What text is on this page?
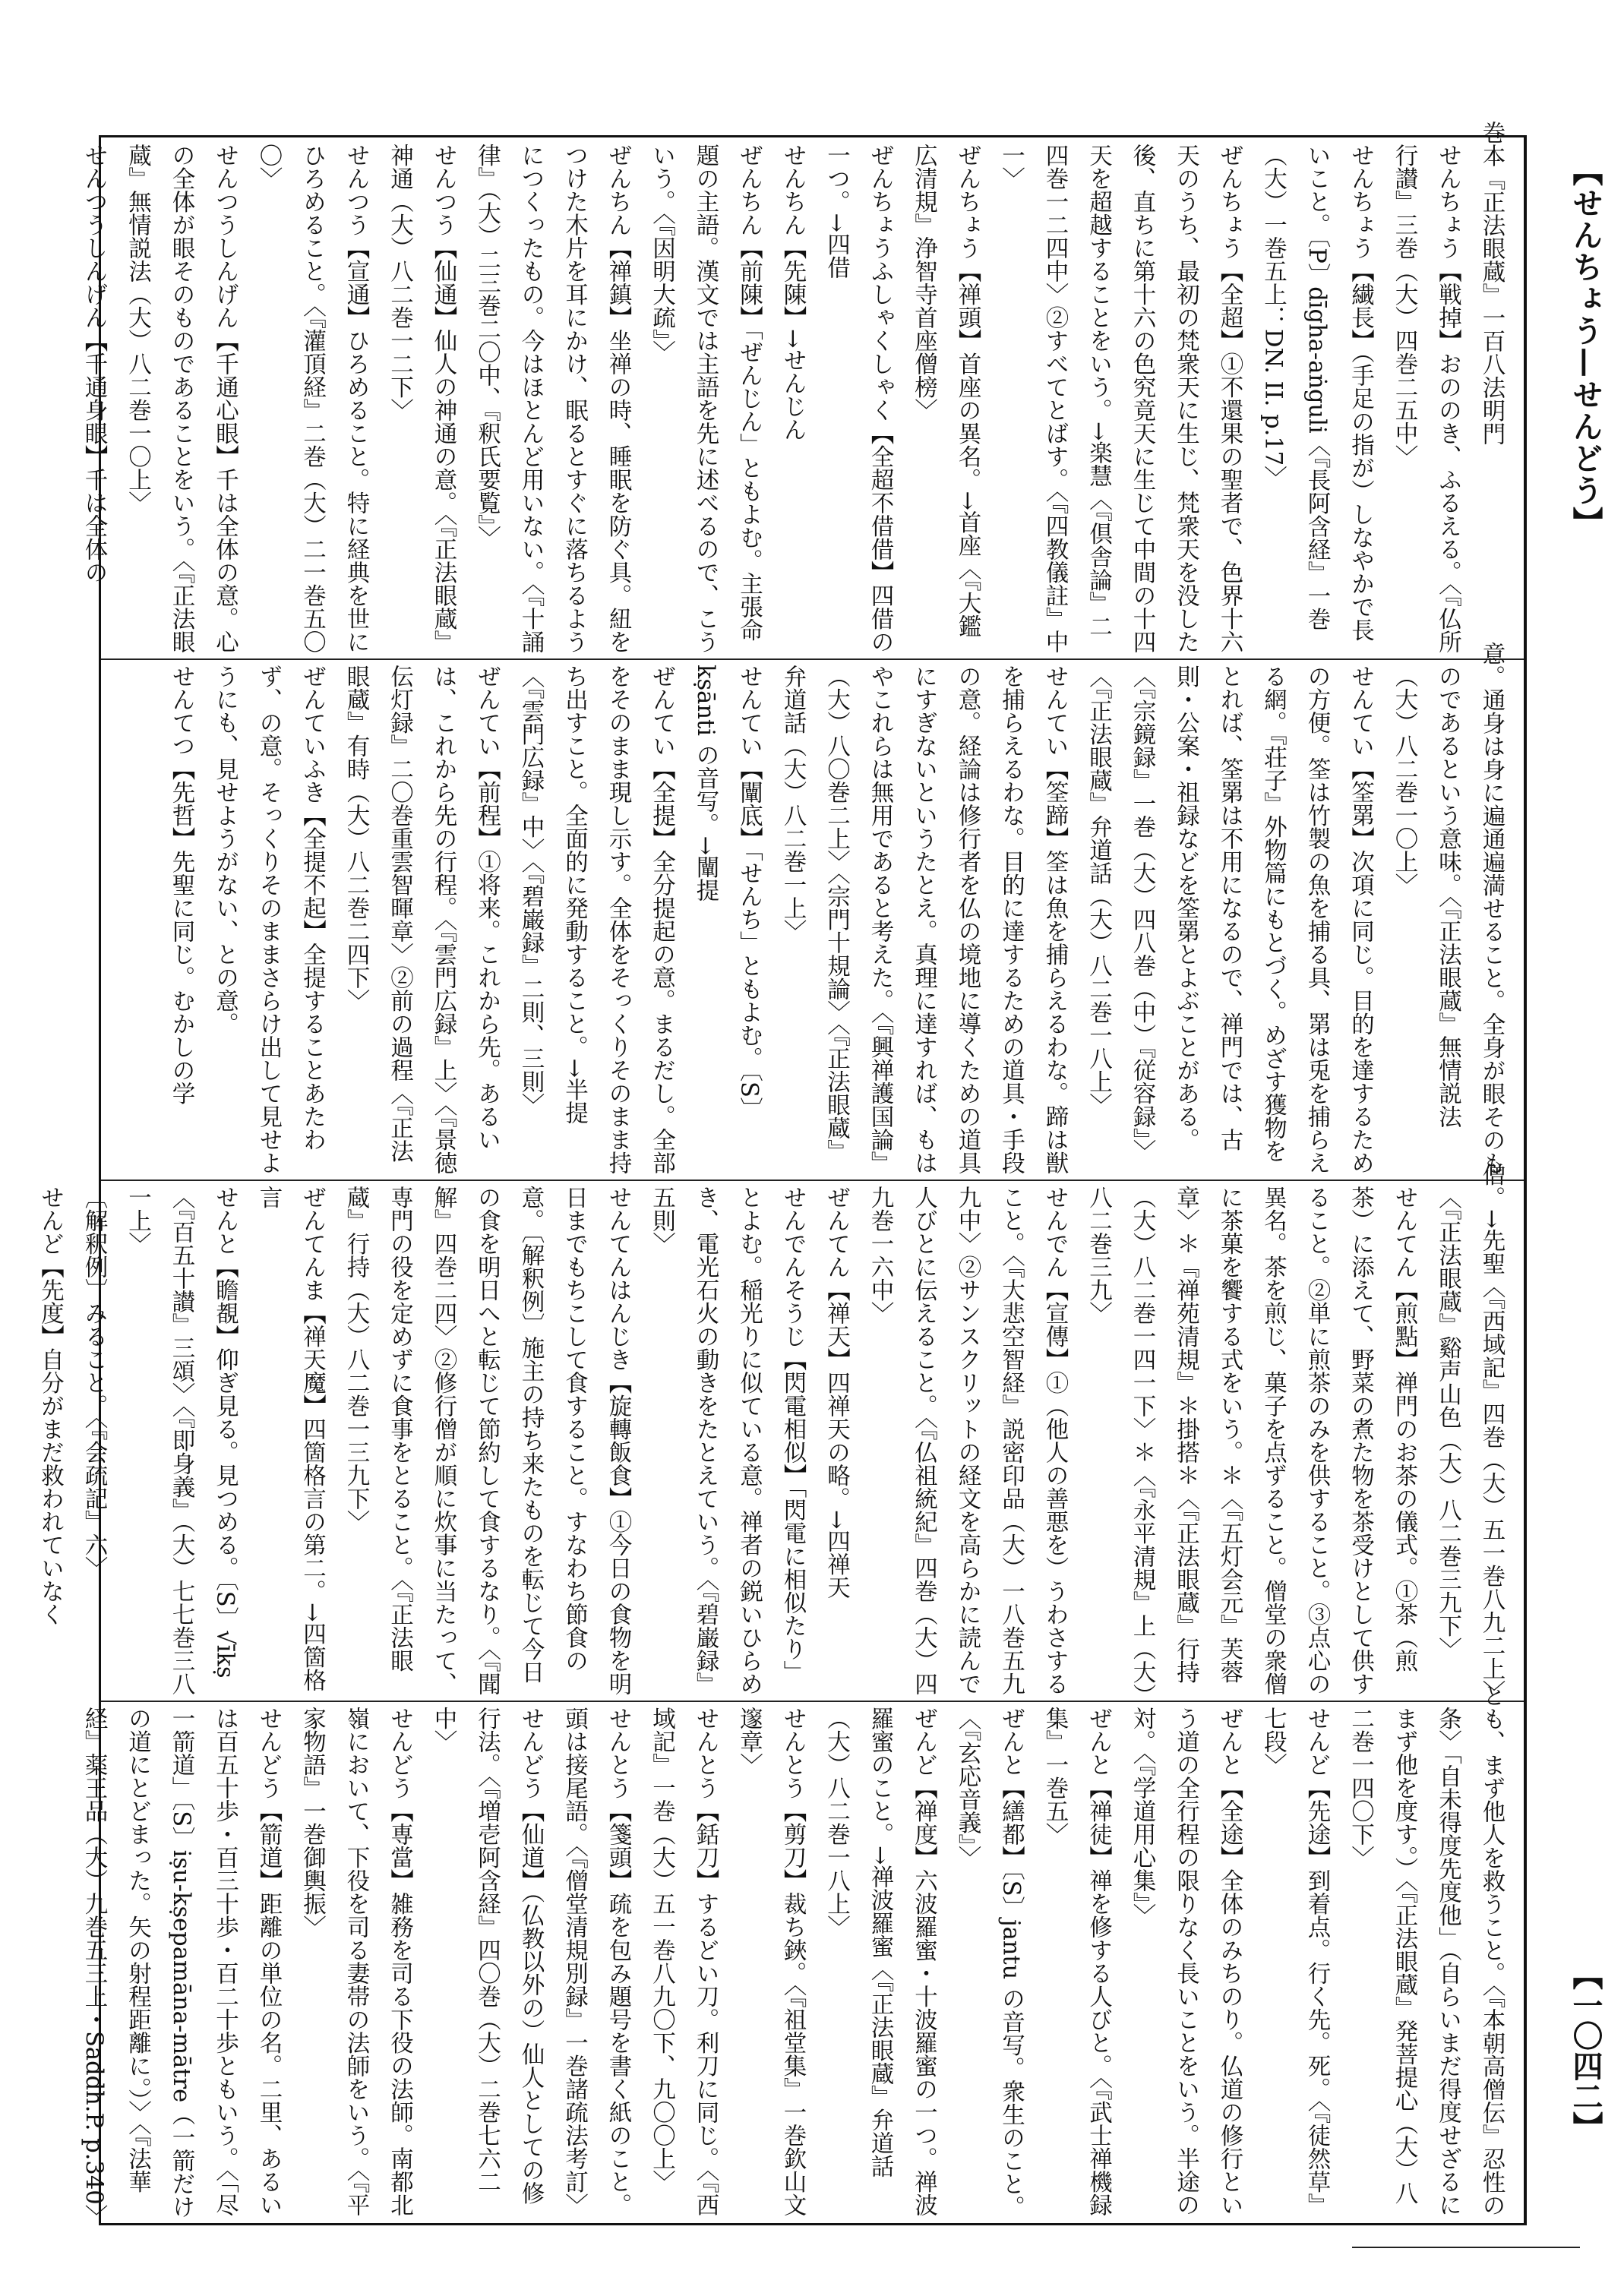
【せんちょう—せんどう】
【一〇四二】

巻本『正法眼蔵』一百八法明門

せんちょう【戦掉】おののき、ふるえる。〈『仏所行讃』三巻（大）四巻二五中〉

せんちょう【繊長】（手足の指が）しなやかで長いこと。〔P〕dīgha-aṅguli〈『長阿含経』一巻（大）一巻五上：DN. II. p.17〉

ぜんちょう【全超】①不還果の聖者で、色界十六天のうち、最初の梵衆天に生じ、梵衆天を没した後、直ちに第十六の色究竟天に生じて中間の十四天を超越することをいう。→楽慧〈『倶舎論』二四巻一二四中〉②すべてとばす。〈『四教儀註』中一〉

ぜんちょう【禅頭】首座の異名。→首座〈『大鑑広清規』浄智寺首座僧榜〉

ぜんちょうふしゃくしゃく【全超不借借】四借の一つ。→四借

せんちん【先陳】→せんじん

ぜんちん【前陳】「ぜんじん」ともよむ。主張命題の主語。漢文では主語を先に述べるので、こういう。〈『因明大疏』〉

ぜんちん【禅鎮】坐禅の時、睡眠を防ぐ具。紐をつけた木片を耳にかけ、眠るとすぐに落ちるようにつくったもの。今はほとんど用いない。〈『十誦律』（大）二三巻二〇中、『釈氏要覧』〉

せんつう【仙通】仙人の神通の意。〈『正法眼蔵』神通（大）八二巻一二下〉

せんつう【宣通】ひろめること。特に経典を世にひろめること。〈『灌頂経』二巻（大）二一巻五〇〇〉

せんつうしんげん【千通心眼】千は全体の意。心の全体が眼そのものであることをいう。〈『正法眼蔵』無情説法（大）八二巻一〇上〉

せんつうしんげん【千通身眼】千は全体の

意。通身は身に遍通遍満せること。全身が眼そのものであるという意味。〈『正法眼蔵』無情説法（大）八二巻一〇上〉

せんてい【筌罤】次項に同じ。目的を達するための方便。筌は竹製の魚を捕る具、罤は兎を捕らえる網。『荘子』外物篇にもとづく。めざす獲物をとれば、筌罤は不用になるので、禅門では、古則・公案・祖録などを筌罤とよぶことがある。〈『宗鏡録』一巻（大）四八巻（中）『従容録』〉〈『正法眼蔵』弁道話（大）八二巻一八上〉

せんてい【筌蹄】筌は魚を捕らえるわな。蹄は獣を捕らえるわな。目的に達するための道具・手段の意。経論は修行者を仏の境地に導くための道具にすぎないというたとえ。真理に達すれば、もはやこれらは無用であると考えた。〈『興禅護国論』（大）八〇巻二上〉〈宗門十規論〉〈『正法眼蔵』弁道話（大）八二巻一上〉

せんてい【闡底】「せんち」ともよむ。〔S〕kṣānti の音写。→闡提

ぜんてい【全提】全分提起の意。まるだし。全部をそのまま現し示す。全体をそっくりそのまま持ち出すこと。全面的に発動すること。→半提〈『雲門広録』中〉〈『碧巌録』二則、三則〉

ぜんてい【前程】①将来。これから先。あるいは、これから先の行程。〈『雲門広録』上〉〈『景徳伝灯録』二〇巻重雲智暉章〉②前の過程〈『正法眼蔵』有時（大）八二巻二四下〉

ぜんていふき【全提不起】全提することあたわず、の意。そっくりそのままさらけ出して見せようにも、見せようがない、との意。

せんてつ【先哲】先聖に同じ。むかしの学

僧。→先聖〈『西域記』四巻（大）五一巻八九二上〉〈『正法眼蔵』谿声山色（大）八二巻三九下〉

せんてん【煎點】禅門のお茶の儀式。①茶（煎茶）に添えて、野菜の煮た物を茶受けとして供すること。②単に煎茶のみを供すること。③点心の異名。茶を煎じ、菓子を点ずること。僧堂の衆僧に茶菓を饗する式をいう。＊〈『五灯会元』芙蓉章〉＊『禅苑清規』＊掛搭＊〈『正法眼蔵』行持（大）八二巻一四一下〉＊〈『永平清規』上（大）八二巻三九〉

せんでん【宣傳】①（他人の善悪を）うわさすること。〈『大悲空智経』説密印品（大）一八巻五九九中〉②サンスクリットの経文を高らかに読んで人びとに伝えること。〈『仏祖統紀』四巻（大）四九巻一六中〉

ぜんてん【禅天】四禅天の略。→四禅天

せんでんそうじ【閃電相似】「閃電に相似たり」とよむ。稲光りに似ている意。禅者の鋭いひらめき、電光石火の動きをたとえていう。〈『碧巌録』五則〉

せんてんはんじき【旋轉飯食】①今日の食物を明日までもちこして食すること。すなわち節食の意。〔解釈例〕施主の持ち来たものを転じて今日の食を明日へと転じて節約して食するなり。〈『聞解』四巻二四〉②修行僧が順に炊事に当たって、専門の役を定めずに食事をとること。〈『正法眼蔵』行持（大）八二巻一三九下〉

ぜんてんま【禅天魔】四箇格言の第二。→四箇格言

せんと【瞻覩】仰ぎ見る。見つめる。〔S〕√īkṣ 〈『百五十讃』三頌〉〈『即身義』（大）七七巻三八一上〉

〔解釈例〕みること。〈『会疏記』六〉

せんど【先度】自分がまだ救われていなく

とも、まず他人を救うこと。〈『本朝高僧伝』忍性の条〉「自未得度先度他」（自らいまだ得度せざるにまず他を度す。）〈『正法眼蔵』発菩提心（大）八二巻一四〇下〉

せんど【先途】到着点。行く先。死。〈『徒然草』七段〉

ぜんと【全途】全体のみちのり。仏道の修行という道の全行程の限りなく長いことをいう。半途の対。〈『学道用心集』〉

ぜんと【禅徒】禅を修する人びと。〈『武士禅機録集』一巻五〉

ぜんと【繕都】〔S〕jantu の音写。衆生のこと。〈『玄応音義』〉

ぜんど【禅度】六波羅蜜・十波羅蜜の一つ。禅波羅蜜のこと。→禅波羅蜜〈『正法眼蔵』弁道話（大）八二巻一八上〉

せんとう【剪刀】裁ち鋏。〈『祖堂集』一巻欽山文邃章〉

せんとう【銛刀】するどい刀。利刀に同じ。〈『西域記』一巻（大）五一巻八九〇下、九〇〇上〉

せんとう【箋頭】疏を包み題号を書く紙のこと。頭は接尾語。〈『僧堂清規別録』一巻諸疏法考訂〉

せんどう【仙道】（仏教以外の）仙人としての修行法。〈『増壱阿含経』四〇巻（大）二巻七六二中〉

せんどう【専當】雑務を司る下役の法師。南都北嶺において、下役を司る妻帯の法師をいう。〈『平家物語』一巻御輿振〉

せんどう【箭道】距離の単位の名。二里、あるいは百五十歩・百三十歩・百二十歩ともいう。〈「尽一箭道」〔S〕iṣu-kṣepamāna-mātre（一箭だけの道にとどまった。矢の射程距離に。）〉〈『法華経』薬王品（大）九巻五三上・Saddh.P. p.340〉
